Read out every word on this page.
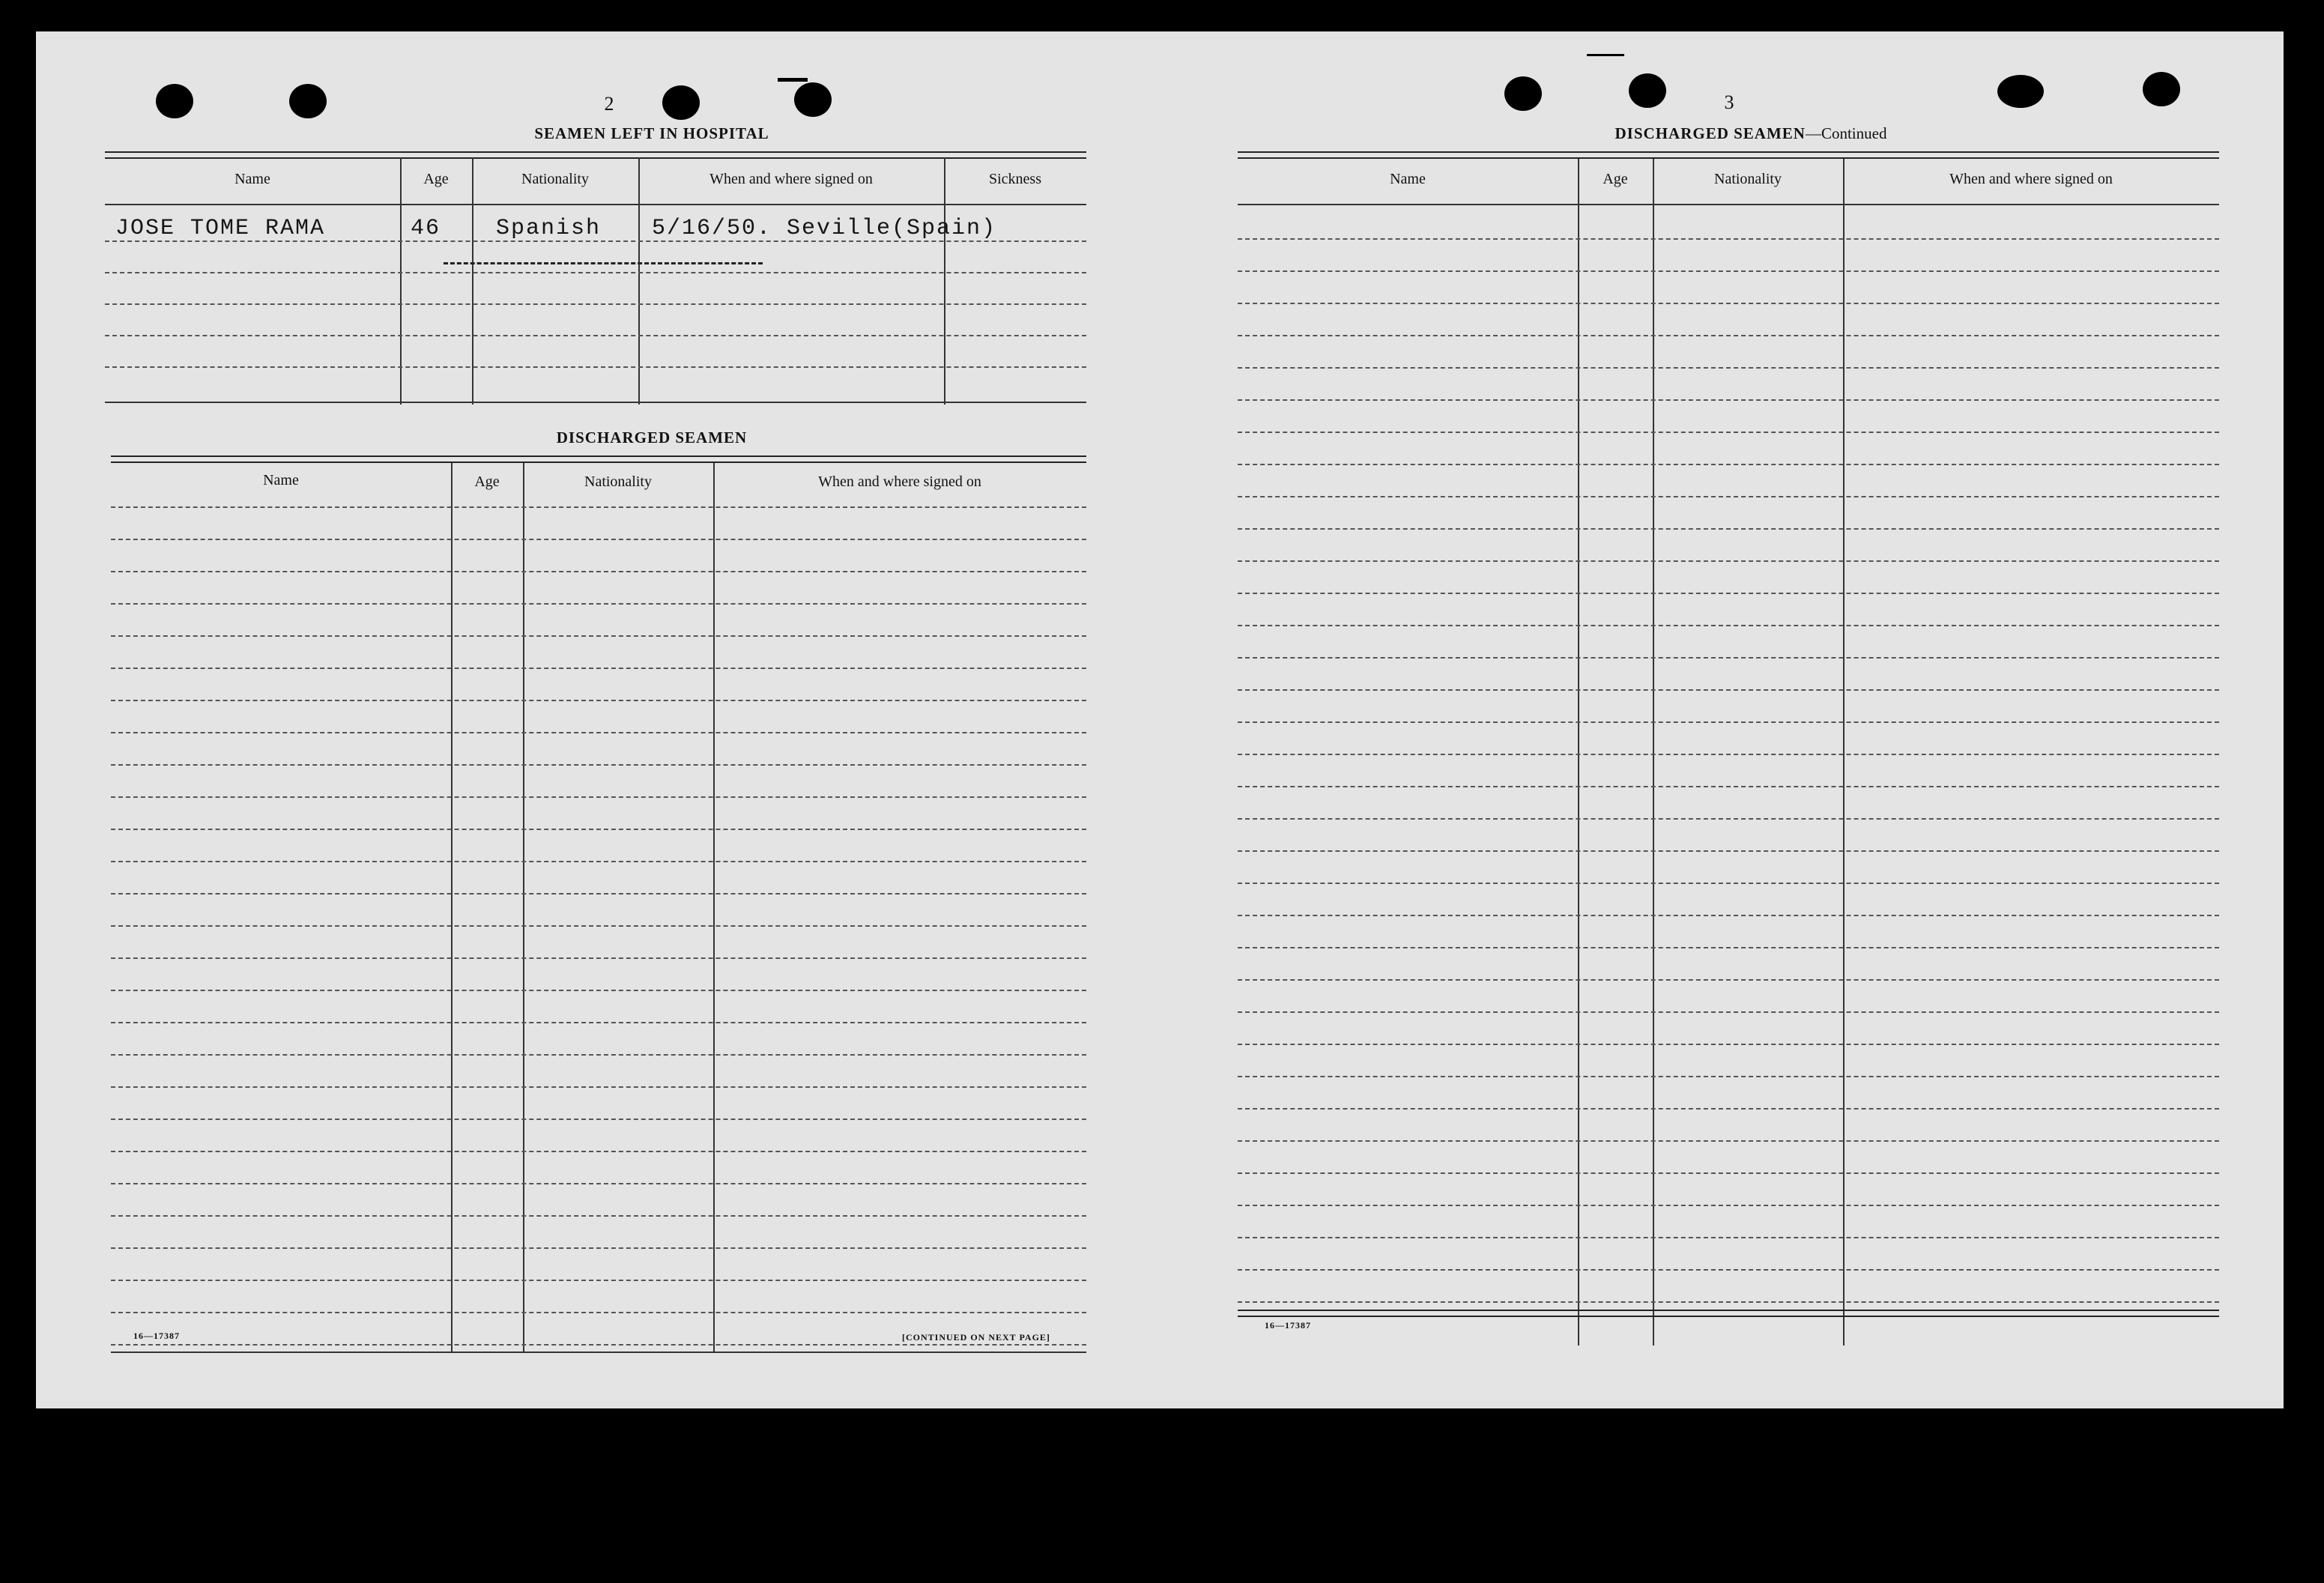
2
SEAMEN LEFT IN HOSPITAL
Name	Age	Nationality	When and where signed on	Sickness
JOSE TOME RAMA	46 Spanish 5/16/50. Seville(Spain)
DISCHARGED SEAMEN
Name	Age	Nationality	When and where signed on
16—17387	[CONTINUED ON NEXT PAGE]
3
DISCHARGED SEAMEN—Continued
Name	Age	Nationality	When and where signed on
16—17387
